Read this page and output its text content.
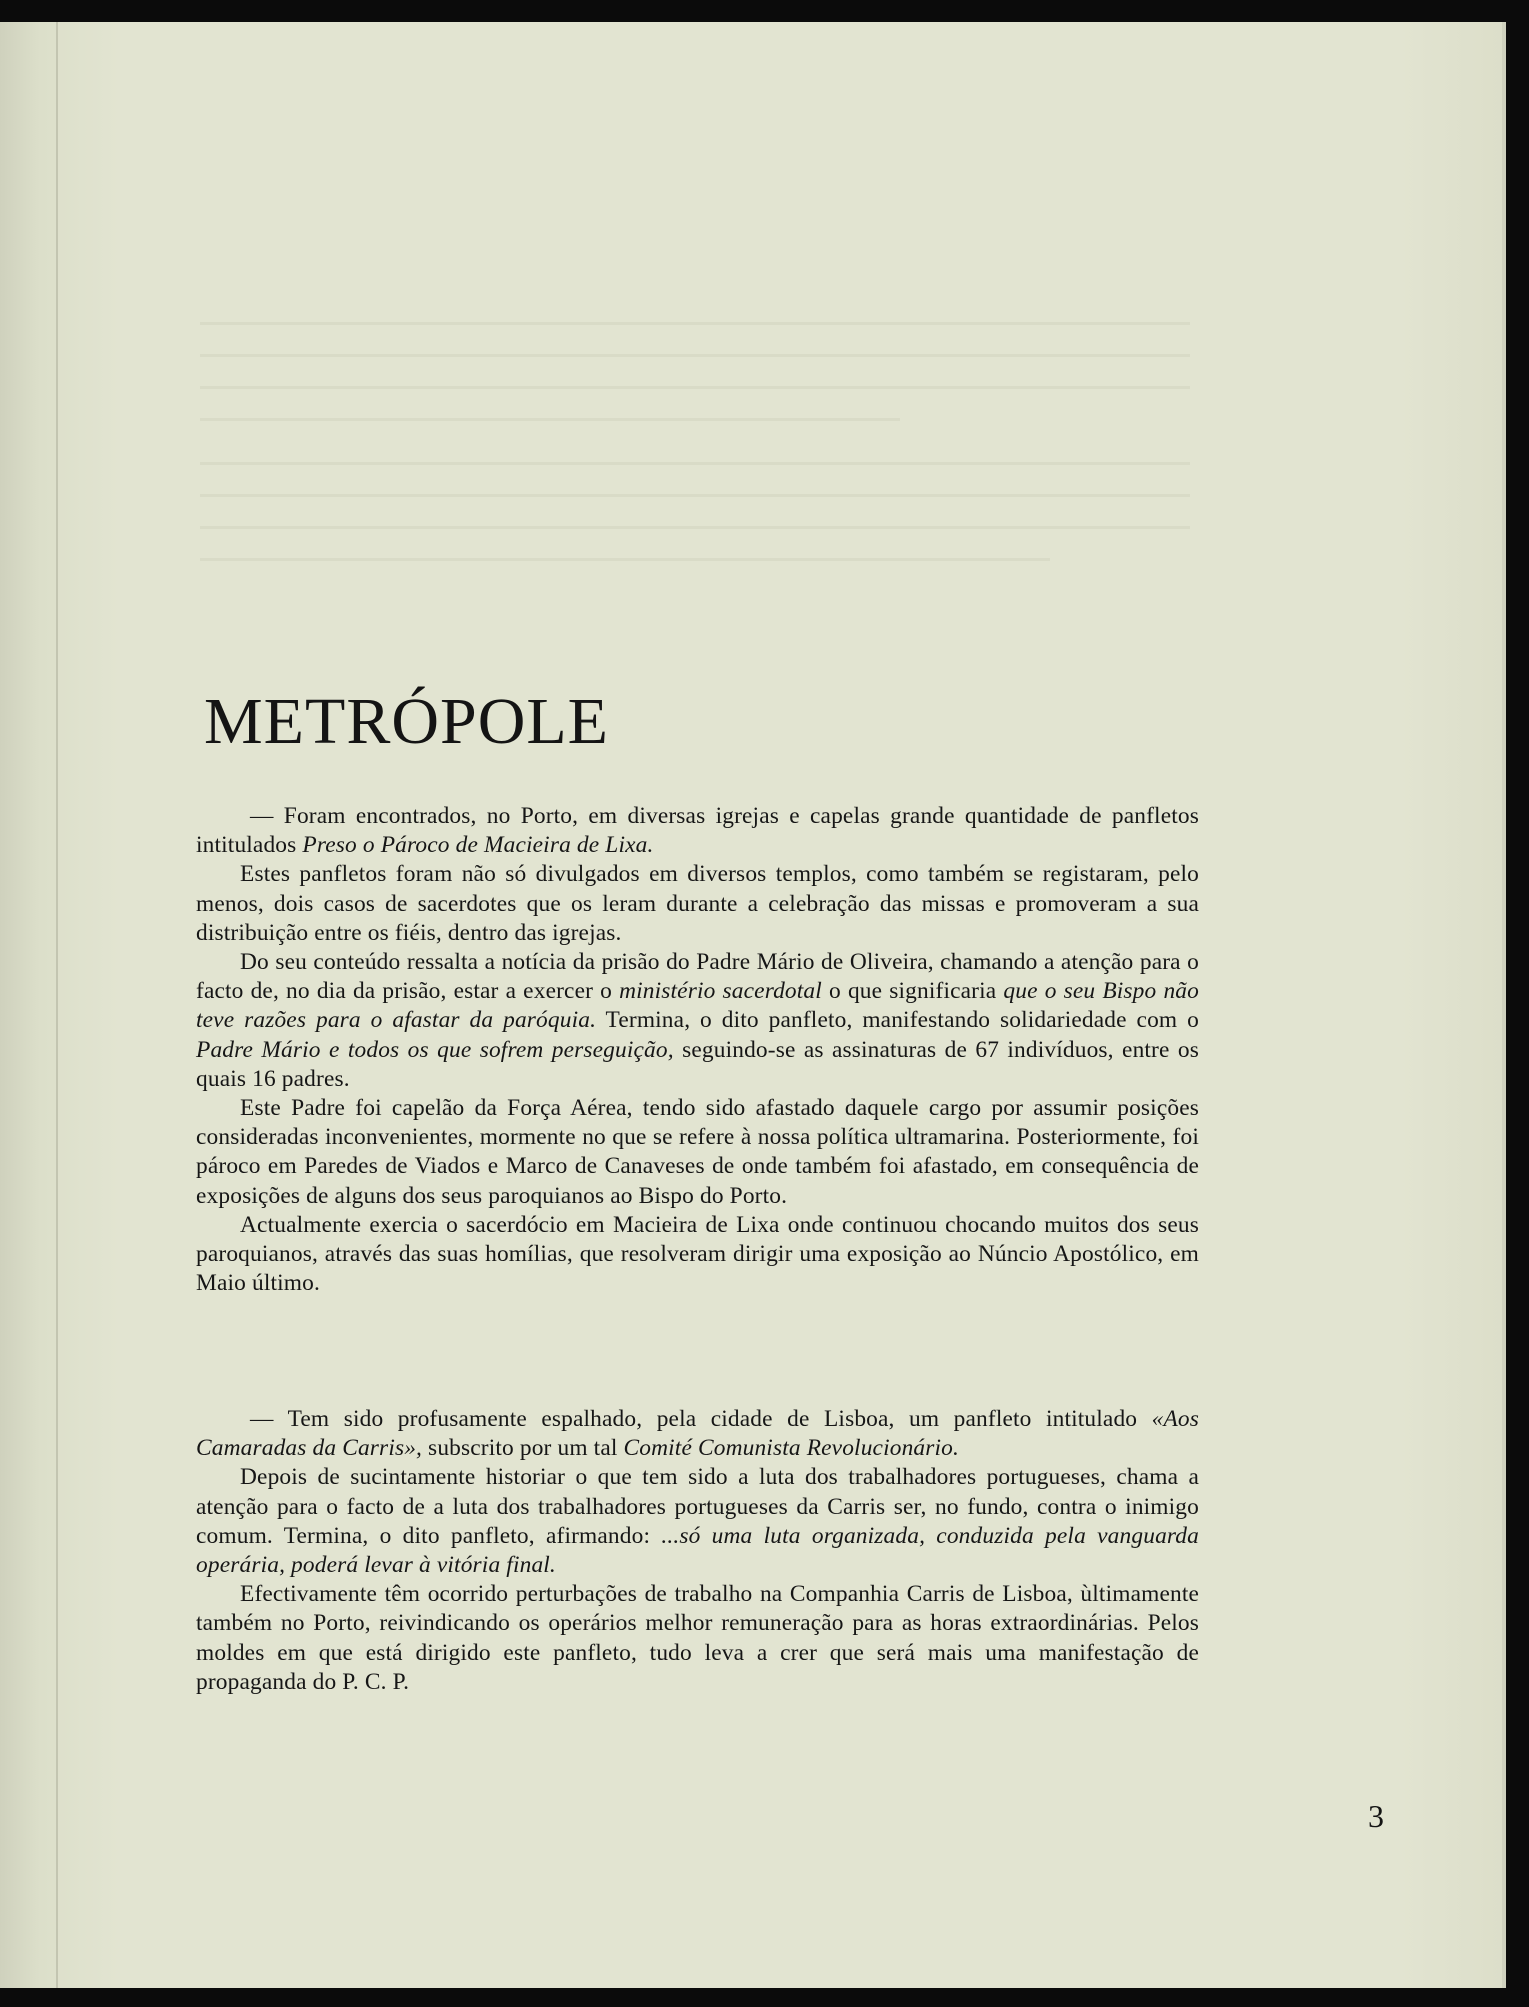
METRÓPOLE

— Foram encontrados, no Porto, em diversas igrejas e capelas grande quantidade de panfletos intitulados Preso o Pároco de Macieira de Lixa.

Estes panfletos foram não só divulgados em diversos templos, como também se registaram, pelo menos, dois casos de sacerdotes que os leram durante a celebração das missas e promoveram a sua distribuição entre os fiéis, dentro das igrejas.

Do seu conteúdo ressalta a notícia da prisão do Padre Mário de Oliveira, chamando a atenção para o facto de, no dia da prisão, estar a exercer o ministério sacerdotal o que significaria que o seu Bispo não teve razões para o afastar da paróquia. Termina, o dito panfleto, manifestando solidariedade com o Padre Mário e todos os que sofrem perseguição, seguindo-se as assinaturas de 67 indivíduos, entre os quais 16 padres.

Este Padre foi capelão da Força Aérea, tendo sido afastado daquele cargo por assumir posições consideradas inconvenientes, mormente no que se refere à nossa política ultramarina. Posteriormente, foi pároco em Paredes de Viados e Marco de Canaveses de onde também foi afastado, em consequência de exposições de alguns dos seus paroquianos ao Bispo do Porto.

Actualmente exercia o sacerdócio em Macieira de Lixa onde continuou chocando muitos dos seus paroquianos, através das suas homílias, que resolveram dirigir uma exposição ao Núncio Apostólico, em Maio último.

— Tem sido profusamente espalhado, pela cidade de Lisboa, um panfleto intitulado «Aos Camaradas da Carris», subscrito por um tal Comité Comunista Revolucionário.

Depois de sucintamente historiar o que tem sido a luta dos trabalhadores portugueses, chama a atenção para o facto de a luta dos trabalhadores portugueses da Carris ser, no fundo, contra o inimigo comum. Termina, o dito panfleto, afirmando: ...só uma luta organizada, conduzida pela vanguarda operária, poderá levar à vitória final.

Efectivamente têm ocorrido perturbações de trabalho na Companhia Carris de Lisboa, ùltimamente também no Porto, reivindicando os operários melhor remuneração para as horas extraordinárias. Pelos moldes em que está dirigido este panfleto, tudo leva a crer que será mais uma manifestação de propaganda do P. C. P.

3
